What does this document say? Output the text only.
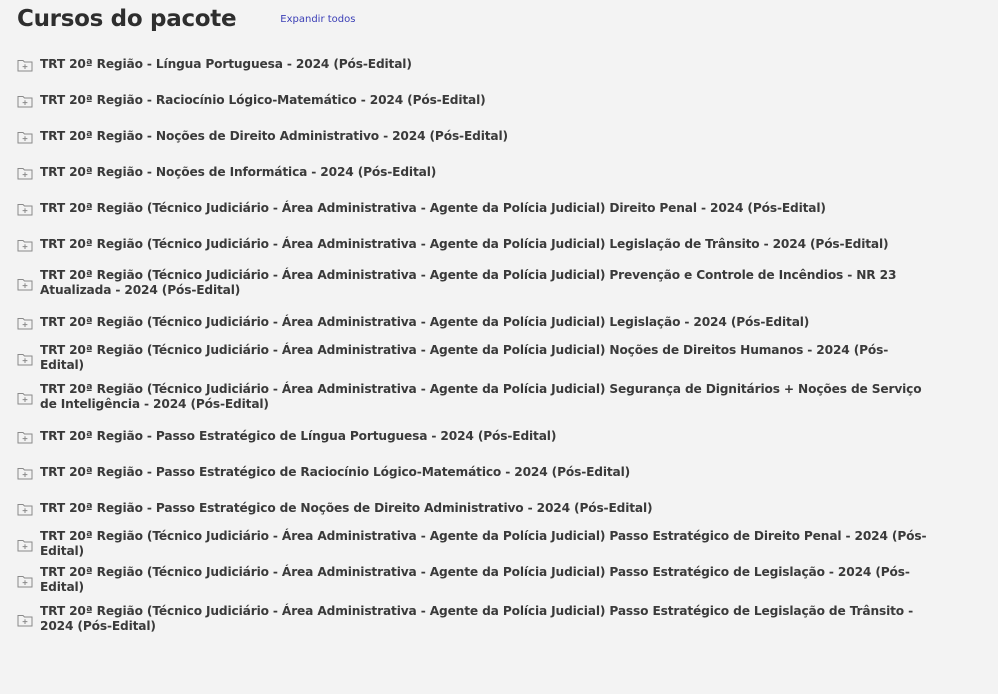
Cursos do pacote	Expandir todos
TRT 20ª Região - Língua Portuguesa - 2024 (Pós-Edital)
TRT 20ª Região - Raciocínio Lógico-Matemático - 2024 (Pós-Edital)
TRT 20ª Região - Noções de Direito Administrativo - 2024 (Pós-Edital)
TRT 20ª Região - Noções de Informática - 2024 (Pós-Edital)
TRT 20ª Região (Técnico Judiciário - Área Administrativa - Agente da Polícia Judicial) Direito Penal - 2024 (Pós-Edital)
TRT 20ª Região (Técnico Judiciário - Área Administrativa - Agente da Polícia Judicial) Legislação de Trânsito - 2024 (Pós-Edital)
TRT 20ª Região (Técnico Judiciário - Área Administrativa - Agente da Polícia Judicial) Prevenção e Controle de Incêndios - NR 23 Atualizada - 2024 (Pós-Edital)
TRT 20ª Região (Técnico Judiciário - Área Administrativa - Agente da Polícia Judicial) Legislação - 2024 (Pós-Edital)
TRT 20ª Região (Técnico Judiciário - Área Administrativa - Agente da Polícia Judicial) Noções de Direitos Humanos - 2024 (Pós-Edital)
TRT 20ª Região (Técnico Judiciário - Área Administrativa - Agente da Polícia Judicial) Segurança de Dignitários + Noções de Serviço de Inteligência - 2024 (Pós-Edital)
TRT 20ª Região - Passo Estratégico de Língua Portuguesa - 2024 (Pós-Edital)
TRT 20ª Região - Passo Estratégico de Raciocínio Lógico-Matemático - 2024 (Pós-Edital)
TRT 20ª Região - Passo Estratégico de Noções de Direito Administrativo - 2024 (Pós-Edital)
TRT 20ª Região (Técnico Judiciário - Área Administrativa - Agente da Polícia Judicial) Passo Estratégico de Direito Penal - 2024 (Pós-Edital)
TRT 20ª Região (Técnico Judiciário - Área Administrativa - Agente da Polícia Judicial) Passo Estratégico de Legislação - 2024 (Pós-Edital)
TRT 20ª Região (Técnico Judiciário - Área Administrativa - Agente da Polícia Judicial) Passo Estratégico de Legislação de Trânsito - 2024 (Pós-Edital)
